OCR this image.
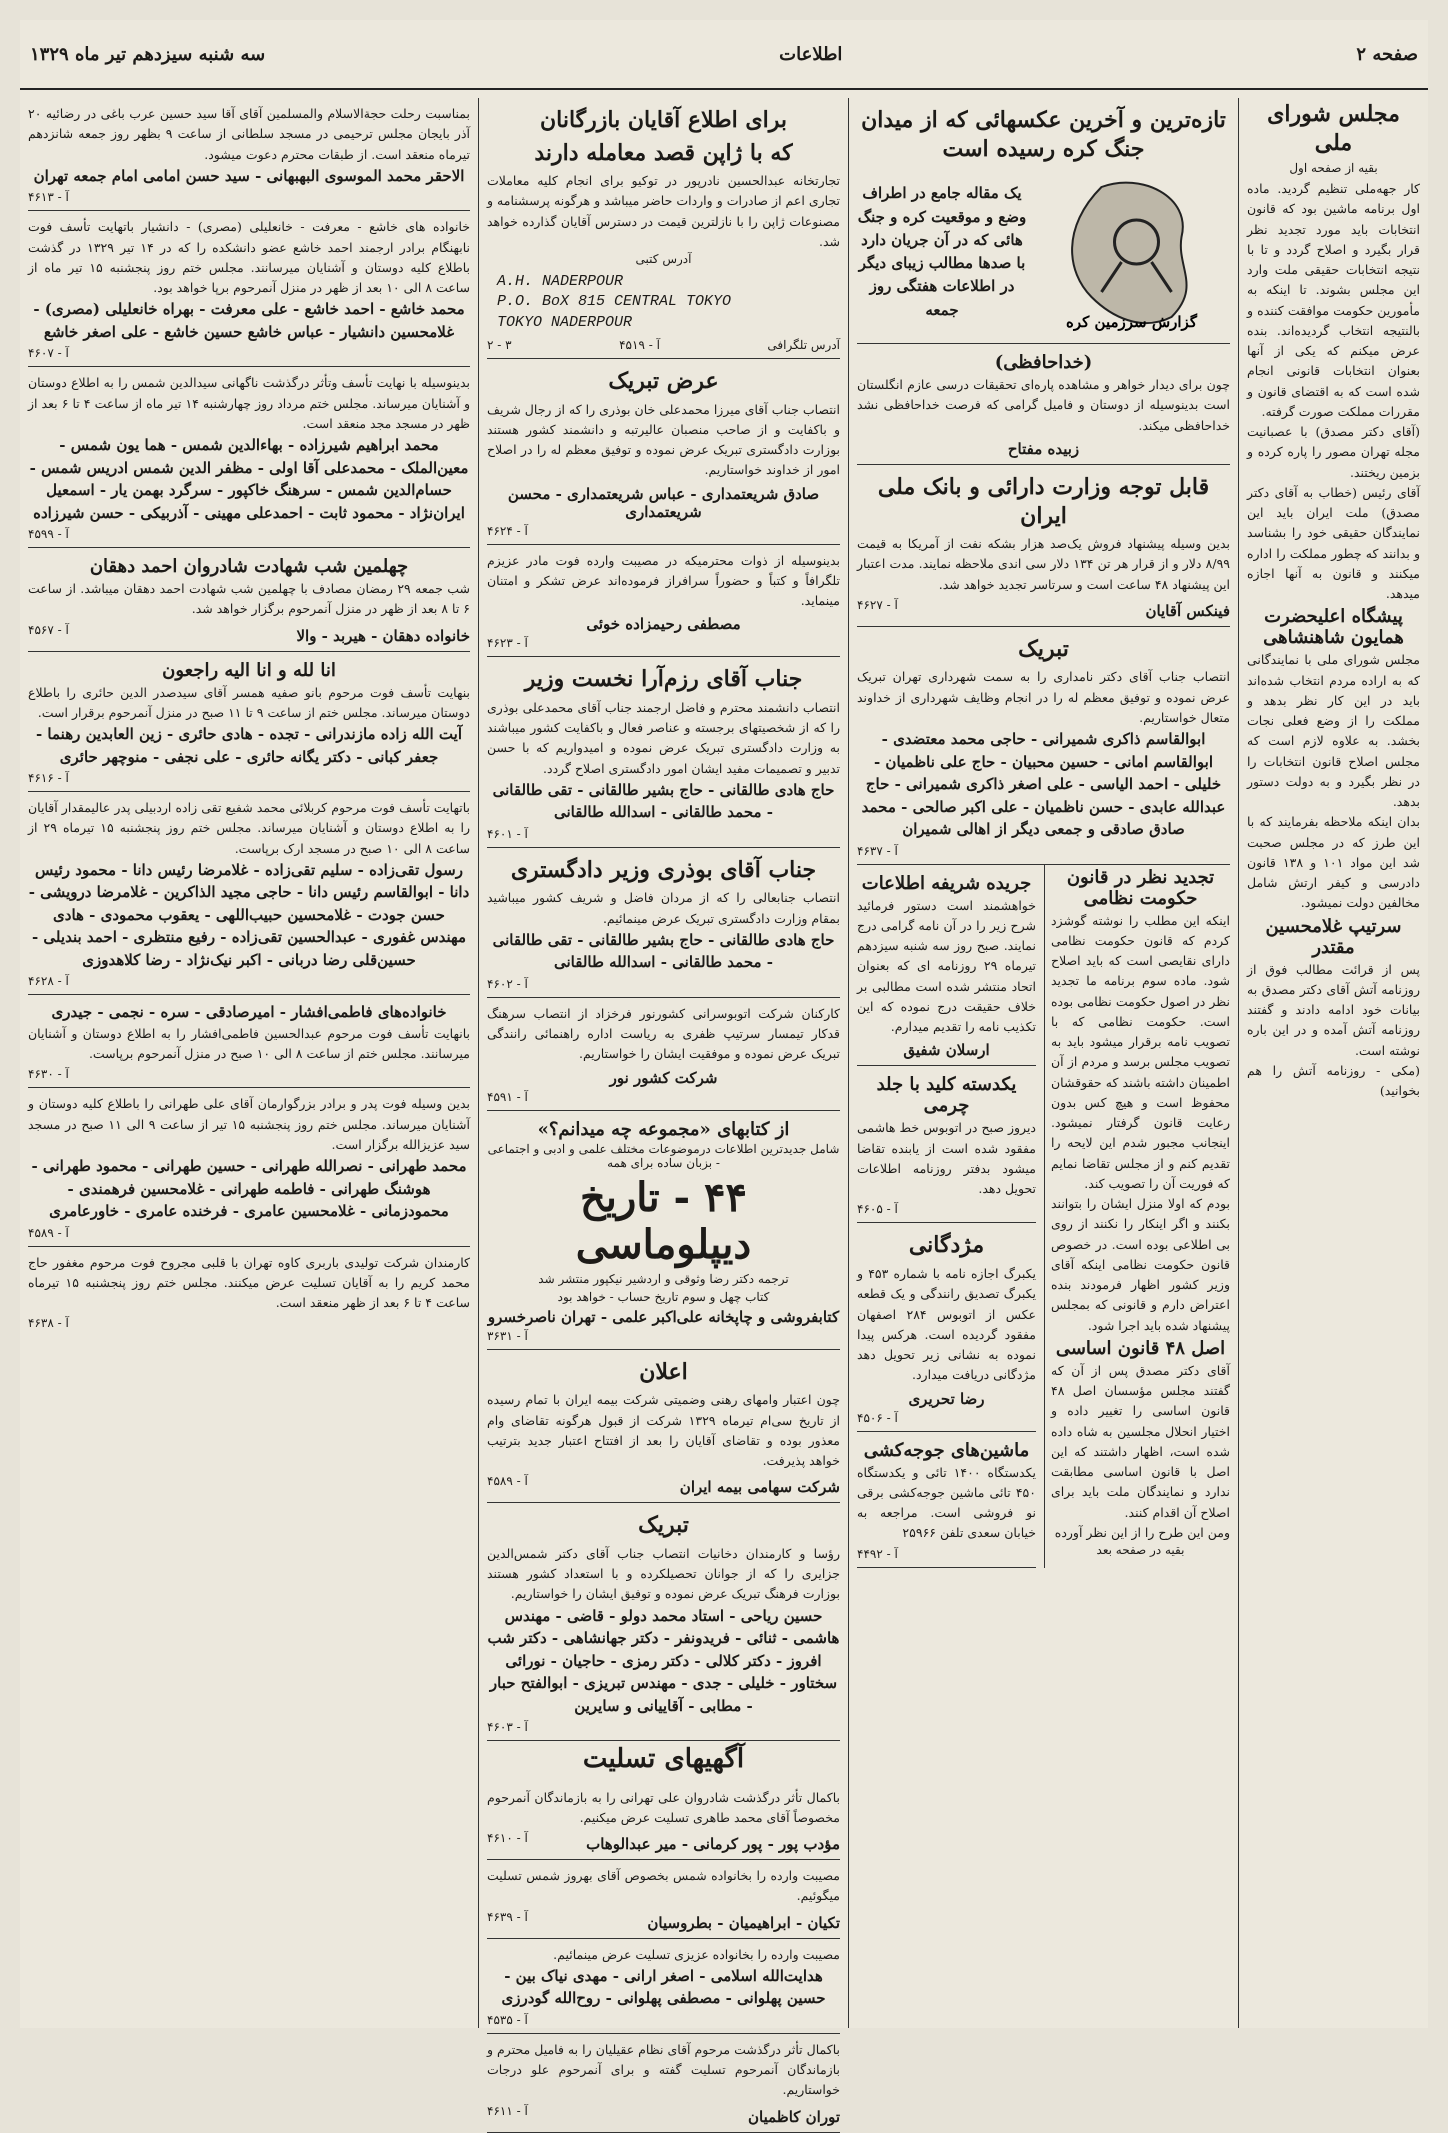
صفحه ۲
اطلاعات
سه شنبه سیزدهم تیر ماه ۱۳۲۹
مجلس شورای ملی
بقیه از صفحه اول
کار جهه‌ملی تنظیم گردید. ماده اول برنامه ماشین بود که قانون انتخابات باید مورد تجدید نظر قرار بگیرد و اصلاح گردد و تا با نتیجه انتخابات حقیقی ملت وارد این مجلس بشوند. تا اینکه به مأمورین حکومت موافقت کننده و بالنتیجه انتخاب گردیده‌اند. بنده عرض میکنم که یکی از آنها بعنوان انتخابات قانونی انجام شده است که به اقتضای قانون و مقررات مملکت صورت گرفته.
(آقای دکتر مصدق) با عصبانیت مجله تهران مصور را پاره کرده و بزمین ریختند.
آقای رئیس (خطاب به آقای دکتر مصدق) ملت ایران باید این نمایندگان حقیقی خود را بشناسد و بدانند که چطور مملکت را اداره میکنند و قانون به آنها اجازه میدهد.
پیشگاه اعلیحضرت همایون شاهنشاهی
مجلس شورای ملی با نمایندگانی که به اراده مردم انتخاب شده‌اند باید در این کار نظر بدهد و مملکت را از وضع فعلی نجات بخشد. به علاوه لازم است که مجلس اصلاح قانون انتخابات را در نظر بگیرد و به دولت دستور بدهد.
بدان اینکه ملاحظه بفرمایند که با این طرز که در مجلس صحبت شد این مواد ۱۰۱ و ۱۳۸ قانون دادرسی و کیفر ارتش شامل مخالفین دولت نمیشود.
سرتیپ غلامحسین مقتدر
پس از قرائت مطالب فوق از روزنامه آتش آقای دکتر مصدق به بیانات خود ادامه دادند و گفتند روزنامه آتش آمده و در این باره نوشته است.
(مکی - روزنامه آتش را هم بخوانید)
تازه‌ترین و آخرین عکسهائی که از میدان جنگ کره رسیده است
گزارش سرزمین کره
یک مقاله جامع در اطراف وضع و موقعیت کره و جنگ هائی که در آن جریان دارد با صدها مطالب زیبای دیگر در اطلاعات هفتگی روز جمعه
(خداحافظی)
چون برای دیدار خواهر و مشاهده پاره‌ای تحقیقات درسی عازم انگلستان است بدینوسیله از دوستان و فامیل گرامی که فرصت خداحافظی نشد خداحافظی میکند.
زبیده مفتاح
قابل توجه وزارت دارائی و بانک ملی ایران
بدین وسیله پیشنهاد فروش یک‌صد هزار بشکه نفت از آمریکا به قیمت ۸/۹۹ دلار و از قرار هر تن ۱۳۴ دلار سی اندی ملاحظه نمایند. مدت اعتبار این پیشنهاد ۴۸ ساعت است و سرتاسر تجدید خواهد شد.
فینکس آقایان
آ - ۴۶۲۷
تبریک
انتصاب جناب آقای دکتر نامداری را به سمت شهرداری تهران تبریک عرض نموده و توفیق معظم له را در انجام وظایف شهرداری از خداوند متعال خواستاریم.
ابوالقاسم ذاکری شمیرانی - حاجی محمد معتضدی - ابوالقاسم امانی - حسین محبیان - حاج علی ناظمیان - خلیلی - احمد الیاسی - علی اصغر ذاکری شمیرانی - حاج عبدالله عابدی - حسن ناظمیان - علی اکبر صالحی - محمد صادق صادقی و جمعی دیگر از اهالی شمیران
آ - ۴۶۳۷
تجدید نظر در قانون حکومت نظامی
اینکه این مطلب را نوشته گوشزد کردم که قانون حکومت نظامی دارای نقایصی است که باید اصلاح شود. ماده سوم برنامه ما تجدید نظر در اصول حکومت نظامی بوده است. حکومت نظامی که با تصویب نامه برقرار میشود باید به تصویب مجلس برسد و مردم از آن اطمینان داشته باشند که حقوقشان محفوظ است و هیچ کس بدون رعایت قانون گرفتار نمیشود. اینجانب مجبور شدم این لایحه را تقدیم کنم و از مجلس تقاضا نمایم که فوریت آن را تصویب کند.
بودم که اولا منزل ایشان را بتوانند بکنند و اگر اینکار را نکنند از روی بی اطلاعی بوده است. در خصوص قانون حکومت نظامی اینکه آقای وزیر کشور اظهار فرمودند بنده اعتراض دارم و قانونی که بمجلس پیشنهاد شده باید اجرا شود.
اصل ۴۸ قانون اساسی
آقای دکتر مصدق پس از آن که گفتند مجلس مؤسسان اصل ۴۸ قانون اساسی را تغییر داده و اختیار انحلال مجلسین به شاه داده شده است، اظهار داشتند که این اصل با قانون اساسی مطابقت ندارد و نمایندگان ملت باید برای اصلاح آن اقدام کنند.
ومن این طرح را از این نظر آورده
بقیه در صفحه بعد
جریده شریفه اطلاعات
خواهشمند است دستور فرمائید شرح زیر را در آن نامه گرامی درج نمایند. صبح روز سه شنبه سیزدهم تیرماه ۲۹ روزنامه ای که بعنوان اتحاد منتشر شده است مطالبی بر خلاف حقیقت درج نموده که این تکذیب نامه را تقدیم میدارم.
ارسلان شفیق
یکدسته کلید با جلد چرمی
دیروز صبح در اتوبوس خط هاشمی مفقود شده است از یابنده تقاضا میشود بدفتر روزنامه اطلاعات تحویل دهد.
آ - ۴۶۰۵
مژدگانی
یکبرگ اجازه نامه با شماره ۴۵۳ و یکبرگ تصدیق رانندگی و یک قطعه عکس از اتوبوس ۲۸۴ اصفهان مفقود گردیده است. هرکس پیدا نموده به نشانی زیر تحویل دهد مژدگانی دریافت میدارد.
رضا تحریری
آ - ۴۵۰۶
ماشین‌های جوجه‌کشی
یکدستگاه ۱۴۰۰ تائی و یکدستگاه ۴۵۰ تائی ماشین جوجه‌کشی برقی نو فروشی است. مراجعه به خیابان سعدی تلفن ۲۵۹۶۶
آ - ۴۴۹۲
برای اطلاع آقایان بازرگانان
که با ژاپن قصد معامله دارند
تجارتخانه عبدالحسین نادرپور در توکیو برای انجام کلیه معاملات تجاری اعم از صادرات و واردات حاضر میباشد و هرگونه پرسشنامه و مصنوعات ژاپن را با نازلترین قیمت در دسترس آقایان گذارده خواهد شد.
آدرس کتبی
A.H. NADERPOUR
P.O. BoX 815 CENTRAL TOKYO
TOKYO NADERPOUR
آدرس تلگرافی
آ - ۴۵۱۹
۳ - ۲
عرض تبریک
انتصاب جناب آقای میرزا محمدعلی خان بوذری را که از رجال شریف و باکفایت و از صاحب منصبان عالیرتبه و دانشمند کشور هستند بوزارت دادگستری تبریک عرض نموده و توفیق معظم له را در اصلاح امور از خداوند خواستاریم.
صادق شریعتمداری - عباس شریعتمداری - محسن شریعتمداری
آ - ۴۶۲۴
بدینوسیله از ذوات محترمیکه در مصیبت وارده فوت مادر عزیزم تلگرافاً و کتباً و حضوراً سرافراز فرموده‌اند عرض تشکر و امتنان مینماید.
مصطفی رحیمزاده خوئی
آ - ۴۶۲۳
جناب آقای رزم‌آرا نخست وزیر
انتصاب دانشمند محترم و فاضل ارجمند جناب آقای محمدعلی بوذری را که از شخصیتهای برجسته و عناصر فعال و باکفایت کشور میباشند به وزارت دادگستری تبریک عرض نموده و امیدواریم که با حسن تدبیر و تصمیمات مفید ایشان امور دادگستری اصلاح گردد.
حاج هادی طالقانی - حاج بشیر طالقانی - تقی طالقانی - محمد طالقانی - اسدالله طالقانی
آ - ۴۶۰۱
جناب آقای بوذری وزیر دادگستری
انتصاب جنابعالی را که از مردان فاضل و شریف کشور میباشید بمقام وزارت دادگستری تبریک عرض مینمائیم.
حاج هادی طالقانی - حاج بشیر طالقانی - تقی طالقانی - محمد طالقانی - اسدالله طالقانی
آ - ۴۶۰۲
کارکنان شرکت اتوبوسرانی کشورنور فرخزاد از انتصاب سرهنگ قدکار تیمسار سرتیپ ظفری به ریاست اداره راهنمائی رانندگی تبریک عرض نموده و موفقیت ایشان را خواستاریم.
شرکت کشور نور
آ - ۴۵۹۱
از کتابهای «مجموعه چه میدانم؟»
شامل جدیدترین اطلاعات درموضوعات مختلف علمی و ادبی و اجتماعی - بزبان ساده برای همه
۴۴ - تاریخ دیپلوماسی
ترجمه دکتر رضا وثوقی و اردشیر نیکپور منتشر شد
کتاب چهل و سوم تاریخ حساب - خواهد بود
کتابفروشی و چاپخانه علی‌اکبر علمی - تهران ناصرخسرو
آ - ۳۶۳۱
اعلان
چون اعتبار وامهای رهنی وضمیتی شرکت بیمه ایران با تمام رسیده از تاریخ سی‌ام تیرماه ۱۳۲۹ شرکت از قبول هرگونه تقاضای وام معذور بوده و تقاضای آقایان را بعد از افتتاح اعتبار جدید بترتیب خواهد پذیرفت.
شرکت سهامی بیمه ایران
آ - ۴۵۸۹
تبریک
رؤسا و کارمندان دخانیات انتصاب جناب آقای دکتر شمس‌الدین جزایری را که از جوانان تحصیلکرده و با استعداد کشور هستند بوزارت فرهنگ تبریک عرض نموده و توفیق ایشان را خواستاریم.
حسین ریاحی - استاد محمد دولو - قاضی - مهندس هاشمی - ثنائی - فریدونفر - دکتر جهانشاهی - دکتر شب افروز - دکتر کلالی - دکتر رمزی - حاجیان - نورائی سختاور - خلیلی - جدی - مهندس تبریزی - ابوالفتح حبار - مطابی - آقاییانی و سایرین
آ - ۴۶۰۳
آگهیهای تسلیت
باکمال تأثر درگذشت شادروان علی تهرانی را به بازماندگان آنمرحوم مخصوصاً آقای محمد طاهری تسلیت عرض میکنیم.
مؤدب پور - پور کرمانی - میر عبدالوهاب
آ - ۴۶۱۰
مصیبت وارده را بخانواده شمس بخصوص آقای بهروز شمس تسلیت میگوئیم.
تکیان - ابراهیمیان - بطروسیان
آ - ۴۶۳۹
مصیبت وارده را بخانواده عزیزی تسلیت عرض مینمائیم.
هدایت‌الله اسلامی - اصغر ارانی - مهدی نیاک بین - حسین پهلوانی - مصطفی پهلوانی - روح‌الله گودرزی
آ - ۴۵۳۵
باکمال تأثر درگذشت مرحوم آقای نظام عقیلیان را به فامیل محترم و بازماندگان آنمرحوم تسلیت گفته و برای آنمرحوم علو درجات خواستاریم.
توران کاظمیان
آ - ۴۶۱۱
بمناسبت رحلت حجةالاسلام والمسلمین آقای آقا سید حسین عرب باغی در رضائیه ۲۰ آذر بایجان مجلس ترحیمی در مسجد سلطانی از ساعت ۹ بظهر روز جمعه شانزدهم تیرماه منعقد است. از طبقات محترم دعوت میشود.
الاحقر محمد الموسوی البهبهانی - سید حسن امامی امام جمعه تهران
آ - ۴۶۱۳
خانواده های خاشع - معرفت - خانعلیلی (مصری) - دانشیار باتهایت تأسف فوت نابهنگام برادر ارجمند احمد خاشع عضو دانشکده را که در ۱۴ تیر ۱۳۲۹ در گذشت باطلاع کلیه دوستان و آشنایان میرسانند. مجلس ختم روز پنجشنبه ۱۵ تیر ماه از ساعت ۸ الی ۱۰ بعد از ظهر در منزل آنمرحوم برپا خواهد بود.
محمد خاشع - احمد خاشع - علی معرفت - بهراه خانعلیلی (مصری) - غلامحسین دانشیار - عباس خاشع حسین خاشع - علی اصغر خاشع
آ - ۴۶۰۷
بدینوسیله با نهایت تأسف وتأثر درگذشت ناگهانی سیدالدین شمس را به اطلاع دوستان و آشنایان میرساند. مجلس ختم مرداد روز چهارشنبه ۱۴ تیر ماه از ساعت ۴ تا ۶ بعد از ظهر در مسجد مجد منعقد است.
محمد ابراهیم شیرزاده - بهاءالدین شمس - هما یون شمس - معین‌الملک - محمدعلی آقا اولی - مظفر الدین شمس ادریس شمس - حسام‌الدین شمس - سرهنگ خاکپور - سرگرد بهمن یار - اسمعیل ایران‌نژاد - محمود ثابت - احمدعلی مهینی - آذربیکی - حسن شیرزاده
آ - ۴۵۹۹
چهلمین شب شهادت شادروان احمد دهقان
شب جمعه ۲۹ رمضان مصادف با چهلمین شب شهادت احمد دهقان میباشد. از ساعت ۶ تا ۸ بعد از ظهر در منزل آنمرحوم برگزار خواهد شد.
خانواده دهقان - هیربد - والا
آ - ۴۵۶۷
انا لله و انا الیه راجعون
بنهایت تأسف فوت مرحوم بانو صفیه همسر آقای سیدصدر الدین حائری را باطلاع دوستان میرساند. مجلس ختم از ساعت ۹ تا ۱۱ صبح در منزل آنمرحوم برقرار است.
آیت الله زاده مازندرانی - تجده - هادی حائری - زین العابدین رهنما - جعفر کبانی - دکتر یگانه حائری - علی نجفی - منوچهر حائری
آ - ۴۶۱۶
باتهایت تأسف فوت مرحوم کربلائی محمد شفیع تقی زاده اردبیلی پدر عالیمقدار آقایان را به اطلاع دوستان و آشنایان میرساند. مجلس ختم روز پنجشنبه ۱۵ تیرماه ۲۹ از ساعت ۸ الی ۱۰ صبح در مسجد ارک برپاست.
رسول تقی‌زاده - سلیم تقی‌زاده - غلامرضا رئیس دانا - محمود رئیس دانا - ابوالقاسم رئیس دانا - حاجی مجید الذاکرین - غلامرضا درویشی - حسن جودت - غلامحسین حبیب‌اللهی - یعقوب محمودی - هادی مهندس غفوری - عبدالحسین تقی‌زاده - رفیع منتظری - احمد بندیلی - حسین‌قلی رضا دربانی - اکبر نیک‌نژاد - رضا کلاهدوزی
آ - ۴۶۲۸
خانواده‌های فاطمی‌افشار - امیرصادقی - سره - نجمی - جیدری
بانهایت تأسف فوت مرحوم عبدالحسین فاطمی‌افشار را به اطلاع دوستان و آشنایان میرسانند. مجلس ختم از ساعت ۸ الی ۱۰ صبح در منزل آنمرحوم برپاست.
آ - ۴۶۳۰
بدین وسیله فوت پدر و برادر بزرگوارمان آقای علی طهرانی را باطلاع کلیه دوستان و آشنایان میرساند. مجلس ختم روز پنجشنبه ۱۵ تیر از ساعت ۹ الی ۱۱ صبح در مسجد سید عزیزالله برگزار است.
محمد طهرانی - نصرالله طهرانی - حسین طهرانی - محمود طهرانی - هوشنگ طهرانی - فاطمه طهرانی - غلامحسین فرهمندی - محمودزمانی - غلامحسین عامری - فرخنده عامری - خاورعامری
آ - ۴۵۸۹
کارمندان شرکت تولیدی باربری کاوه تهران با قلبی مجروح فوت مرحوم مغفور حاج محمد کریم را به آقایان تسلیت عرض میکنند. مجلس ختم روز پنجشنبه ۱۵ تیرماه ساعت ۴ تا ۶ بعد از ظهر منعقد است.
آ - ۴۶۳۸
